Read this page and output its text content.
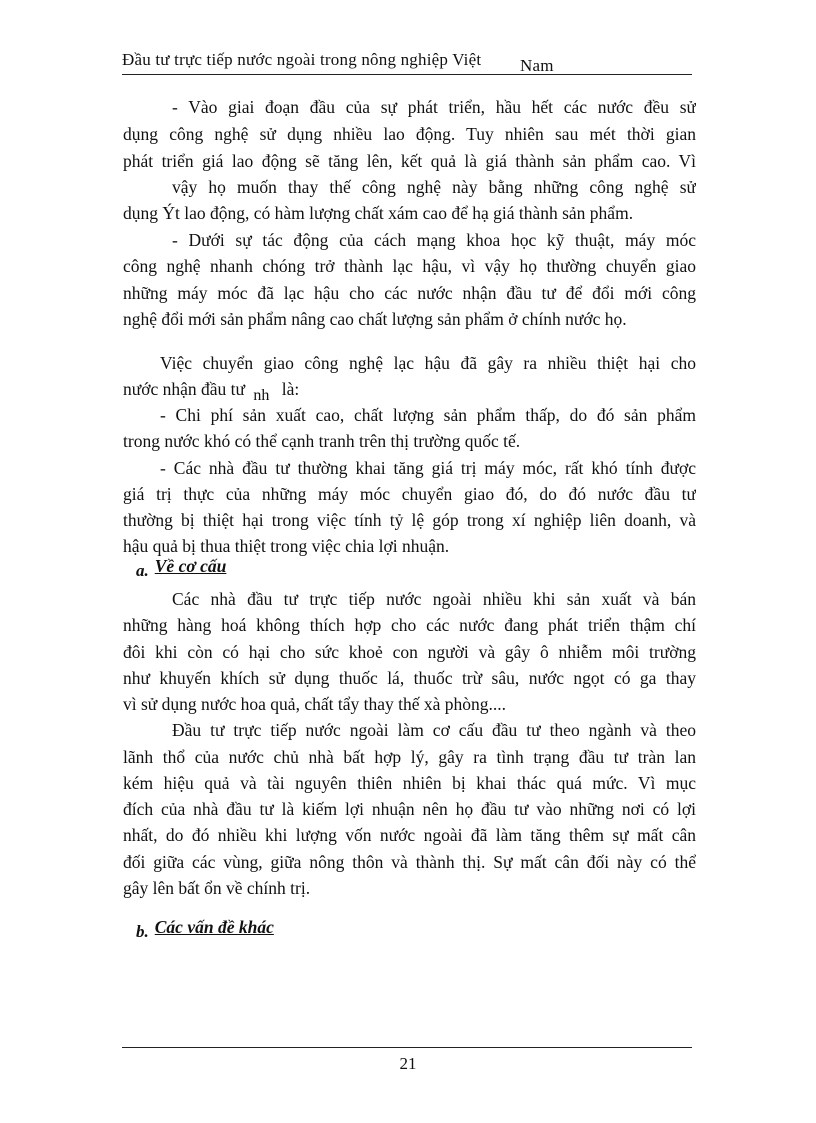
Đầu tư trực tiếp nước ngoài trong nông nghiệp Việt Nam
- Vào giai đoạn đầu của sự phát triển, hầu hết các nước đều sử
dụng công nghệ sử dụng nhiều lao động. Tuy nhiên sau mét thời gian
phát triển giá lao động sẽ tăng lên, kết quả là giá thành sản phẩm cao. Vì
vậy họ muốn thay thế công nghệ này bằng những công nghệ sử
dụng Ýt lao động, có hàm lượng chất xám cao để hạ giá thành sản phẩm.
- Dưới sự tác động của cách mạng khoa học kỹ thuật, máy móc
công nghệ nhanh chóng trở thành lạc hậu, vì vậy họ thường chuyển giao
những máy móc đã lạc hậu cho các nước nhận đầu tư để đổi mới công
nghệ đổi mới sản phẩm nâng cao chất lượng sản phẩm ở chính nước họ.
Việc chuyển giao công nghệ lạc hậu đã gây ra nhiều thiệt hại cho
nước nhận đầu tư nh là:
- Chi phí sản xuất cao, chất lượng sản phẩm thấp, do đó sản phẩm
trong nước khó có thể cạnh tranh trên thị trường quốc tế.
- Các nhà đầu tư thường khai tăng giá trị máy móc, rất khó tính được
giá trị thực của những máy móc chuyển giao đó, do đó nước đầu tư
thường bị thiệt hại trong việc tính tỷ lệ góp trong xí nghiệp liên doanh, và
hậu quả bị thua thiệt trong việc chia lợi nhuận.
a. Về cơ cấu
Các nhà đầu tư trực tiếp nước ngoài nhiều khi sản xuất và bán
những hàng hoá không thích hợp cho các nước đang phát triển thậm chí
đôi khi còn có hại cho sức khoẻ con người và gây ô nhiễm môi trường
như khuyến khích sử dụng thuốc lá, thuốc trừ sâu, nước ngọt có ga thay
vì sử dụng nước hoa quả, chất tẩy thay thế xà phòng....
Đầu tư trực tiếp nước ngoài làm cơ cấu đầu tư theo ngành và theo
lãnh thổ của nước chủ nhà bất hợp lý, gây ra tình trạng đầu tư tràn lan
kém hiệu quả và tài nguyên thiên nhiên bị khai thác quá mức. Vì mục
đích của nhà đầu tư là kiếm lợi nhuận nên họ đầu tư vào những nơi có lợi
nhất, do đó nhiều khi lượng vốn nước ngoài đã làm tăng thêm sự mất cân
đối giữa các vùng, giữa nông thôn và thành thị. Sự mất cân đối này có thể
gây lên bất ổn về chính trị.
b. Các vấn đề khác
21
